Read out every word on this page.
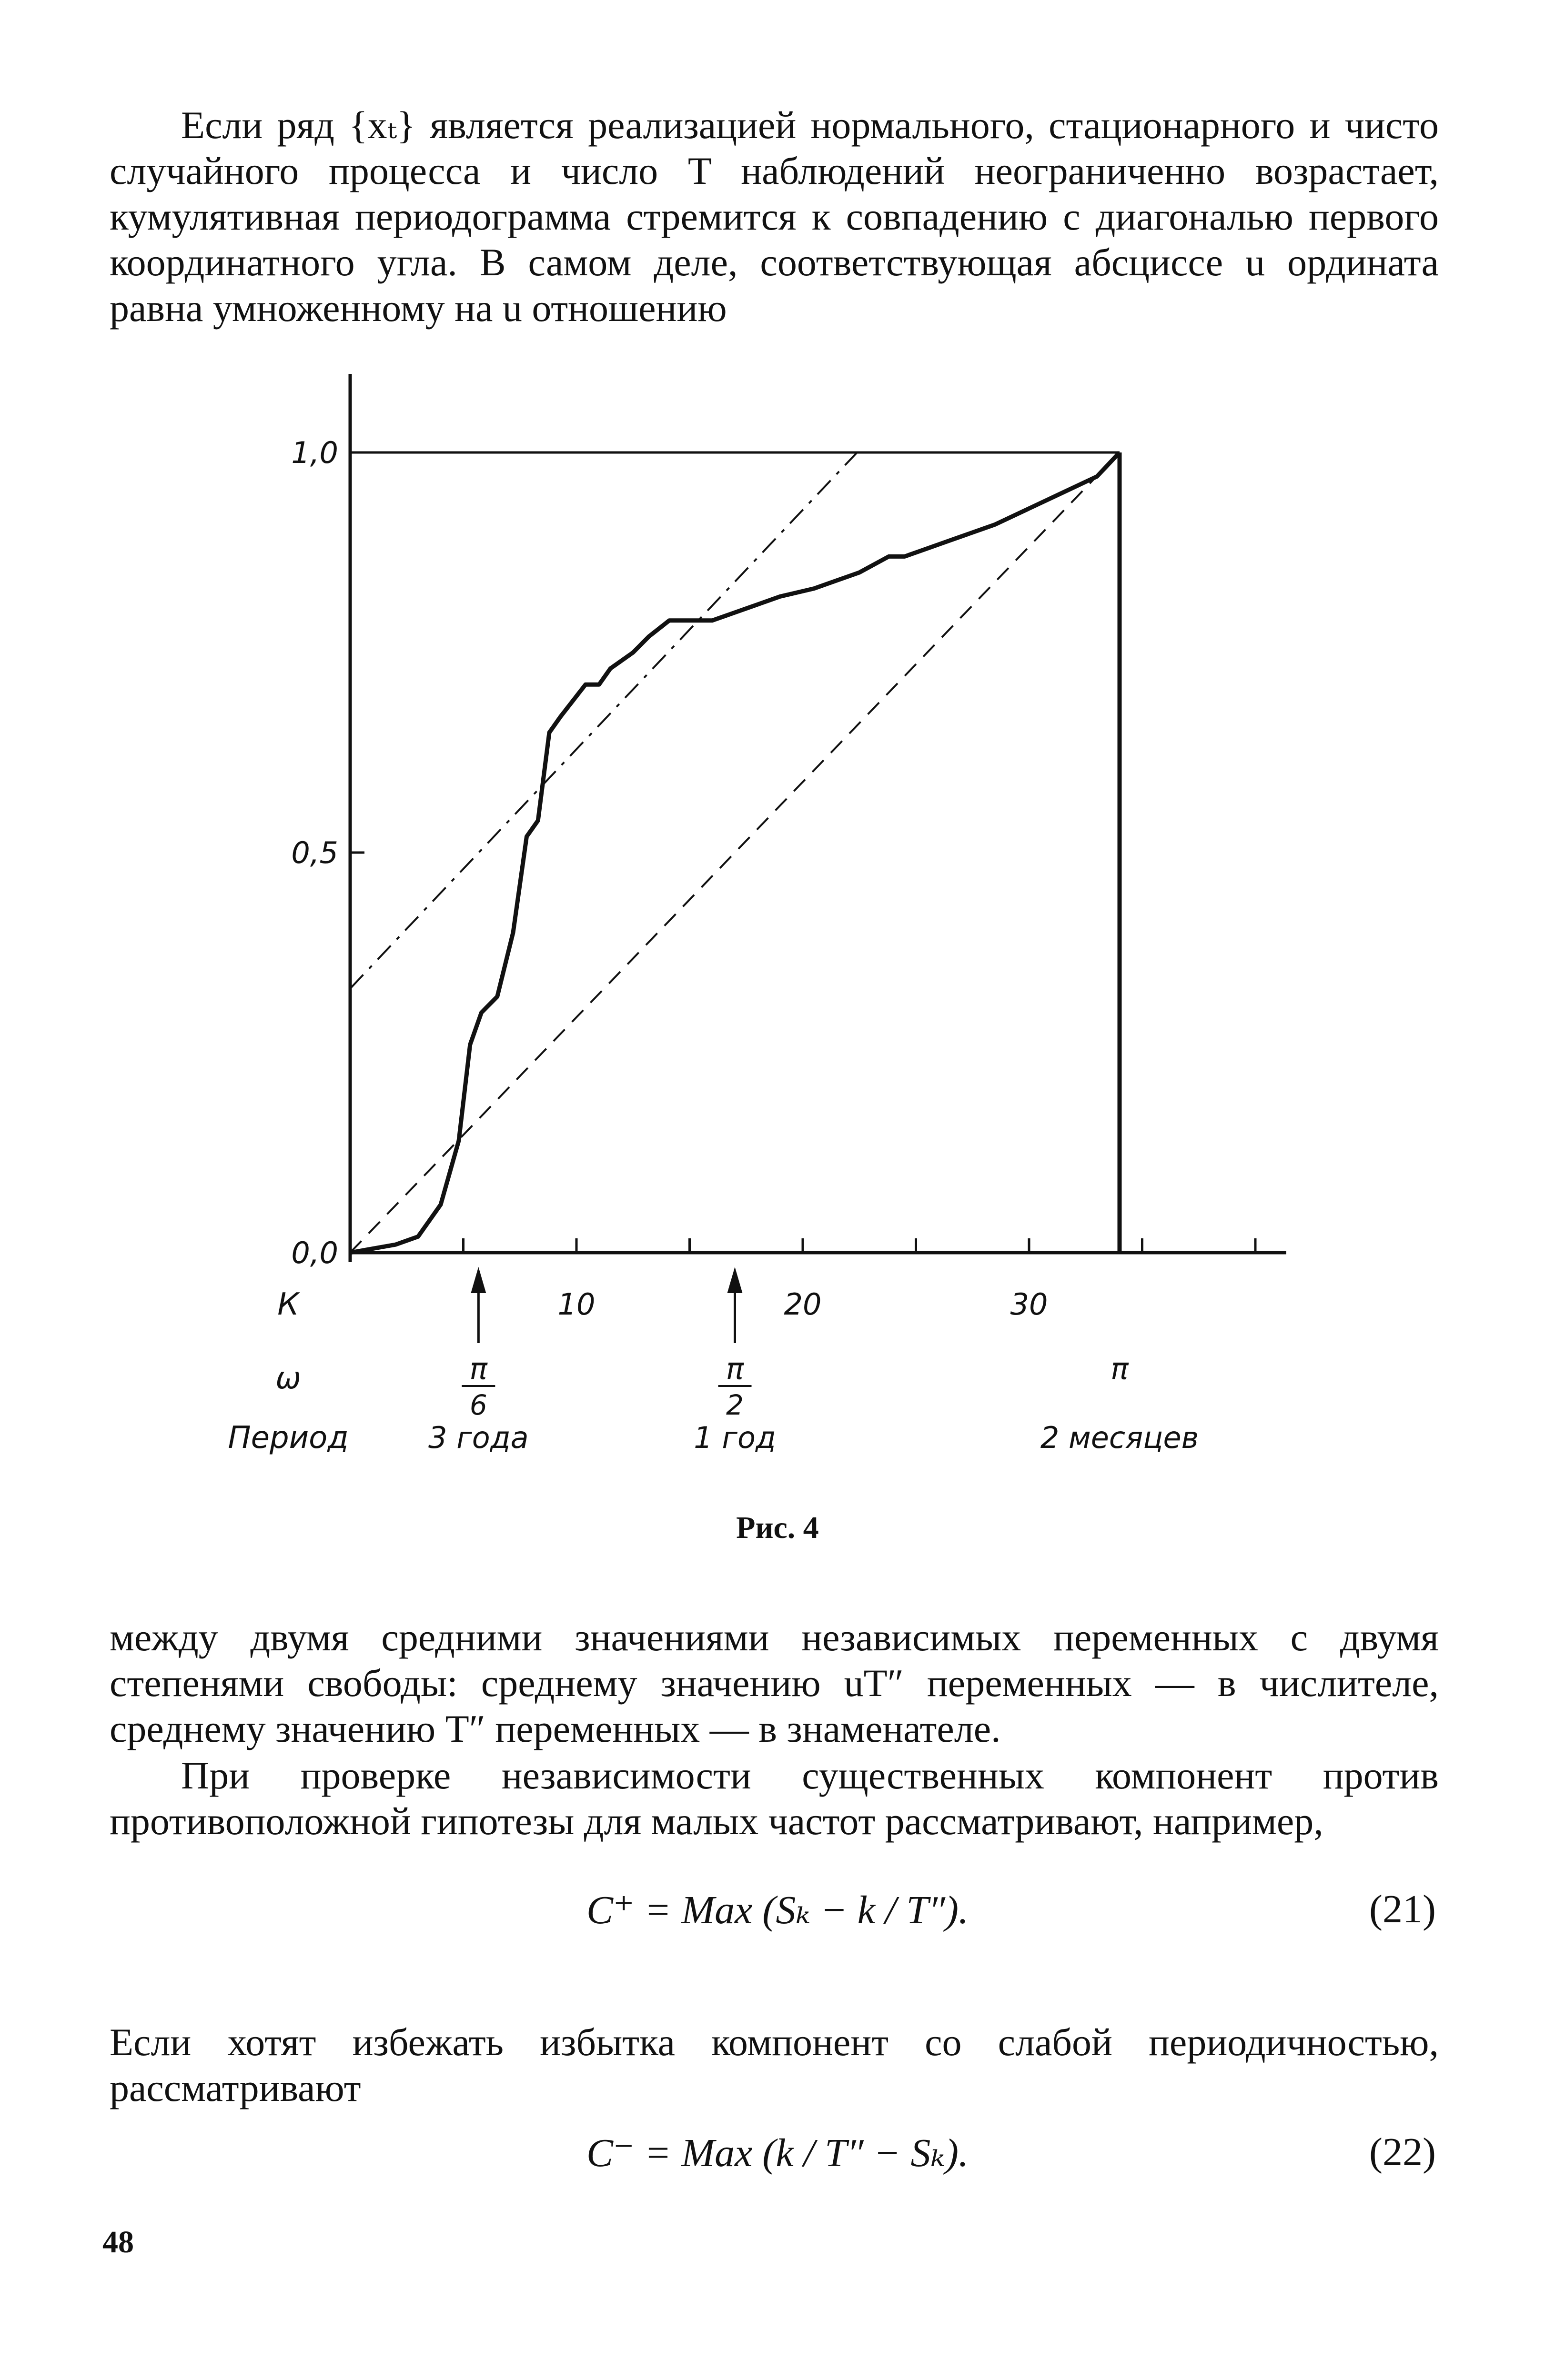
Если ряд {xₜ} является реализацией нормального, стационарного и чисто случайного процесса и число T наблюдений неограниченно возрастает, кумулятивная периодограмма стремится к совпадению с диагональю первого координатного угла. В самом деле, соответствующая абсциссе u ордината равна умноженному на u отношению
1,0
0,5
0,0
К	10	20	30
ω	π
6
π
2
π
Период	3 года	1 год	2 месяцев
Рис. 4
между двумя средними значениями независимых переменных с двумя степенями свободы: среднему значению uT″ переменных — в числителе, среднему значению T″ переменных — в знаменателе.
При проверке независимости существенных компонент против противоположной гипотезы для малых частот рассматривают, например,
C⁺ = Max (Sₖ − k / T″).	(21)
Если хотят избежать избытка компонент со слабой периодичностью, рассматривают
C⁻ = Max (k / T″ − Sₖ).	(22)
48
